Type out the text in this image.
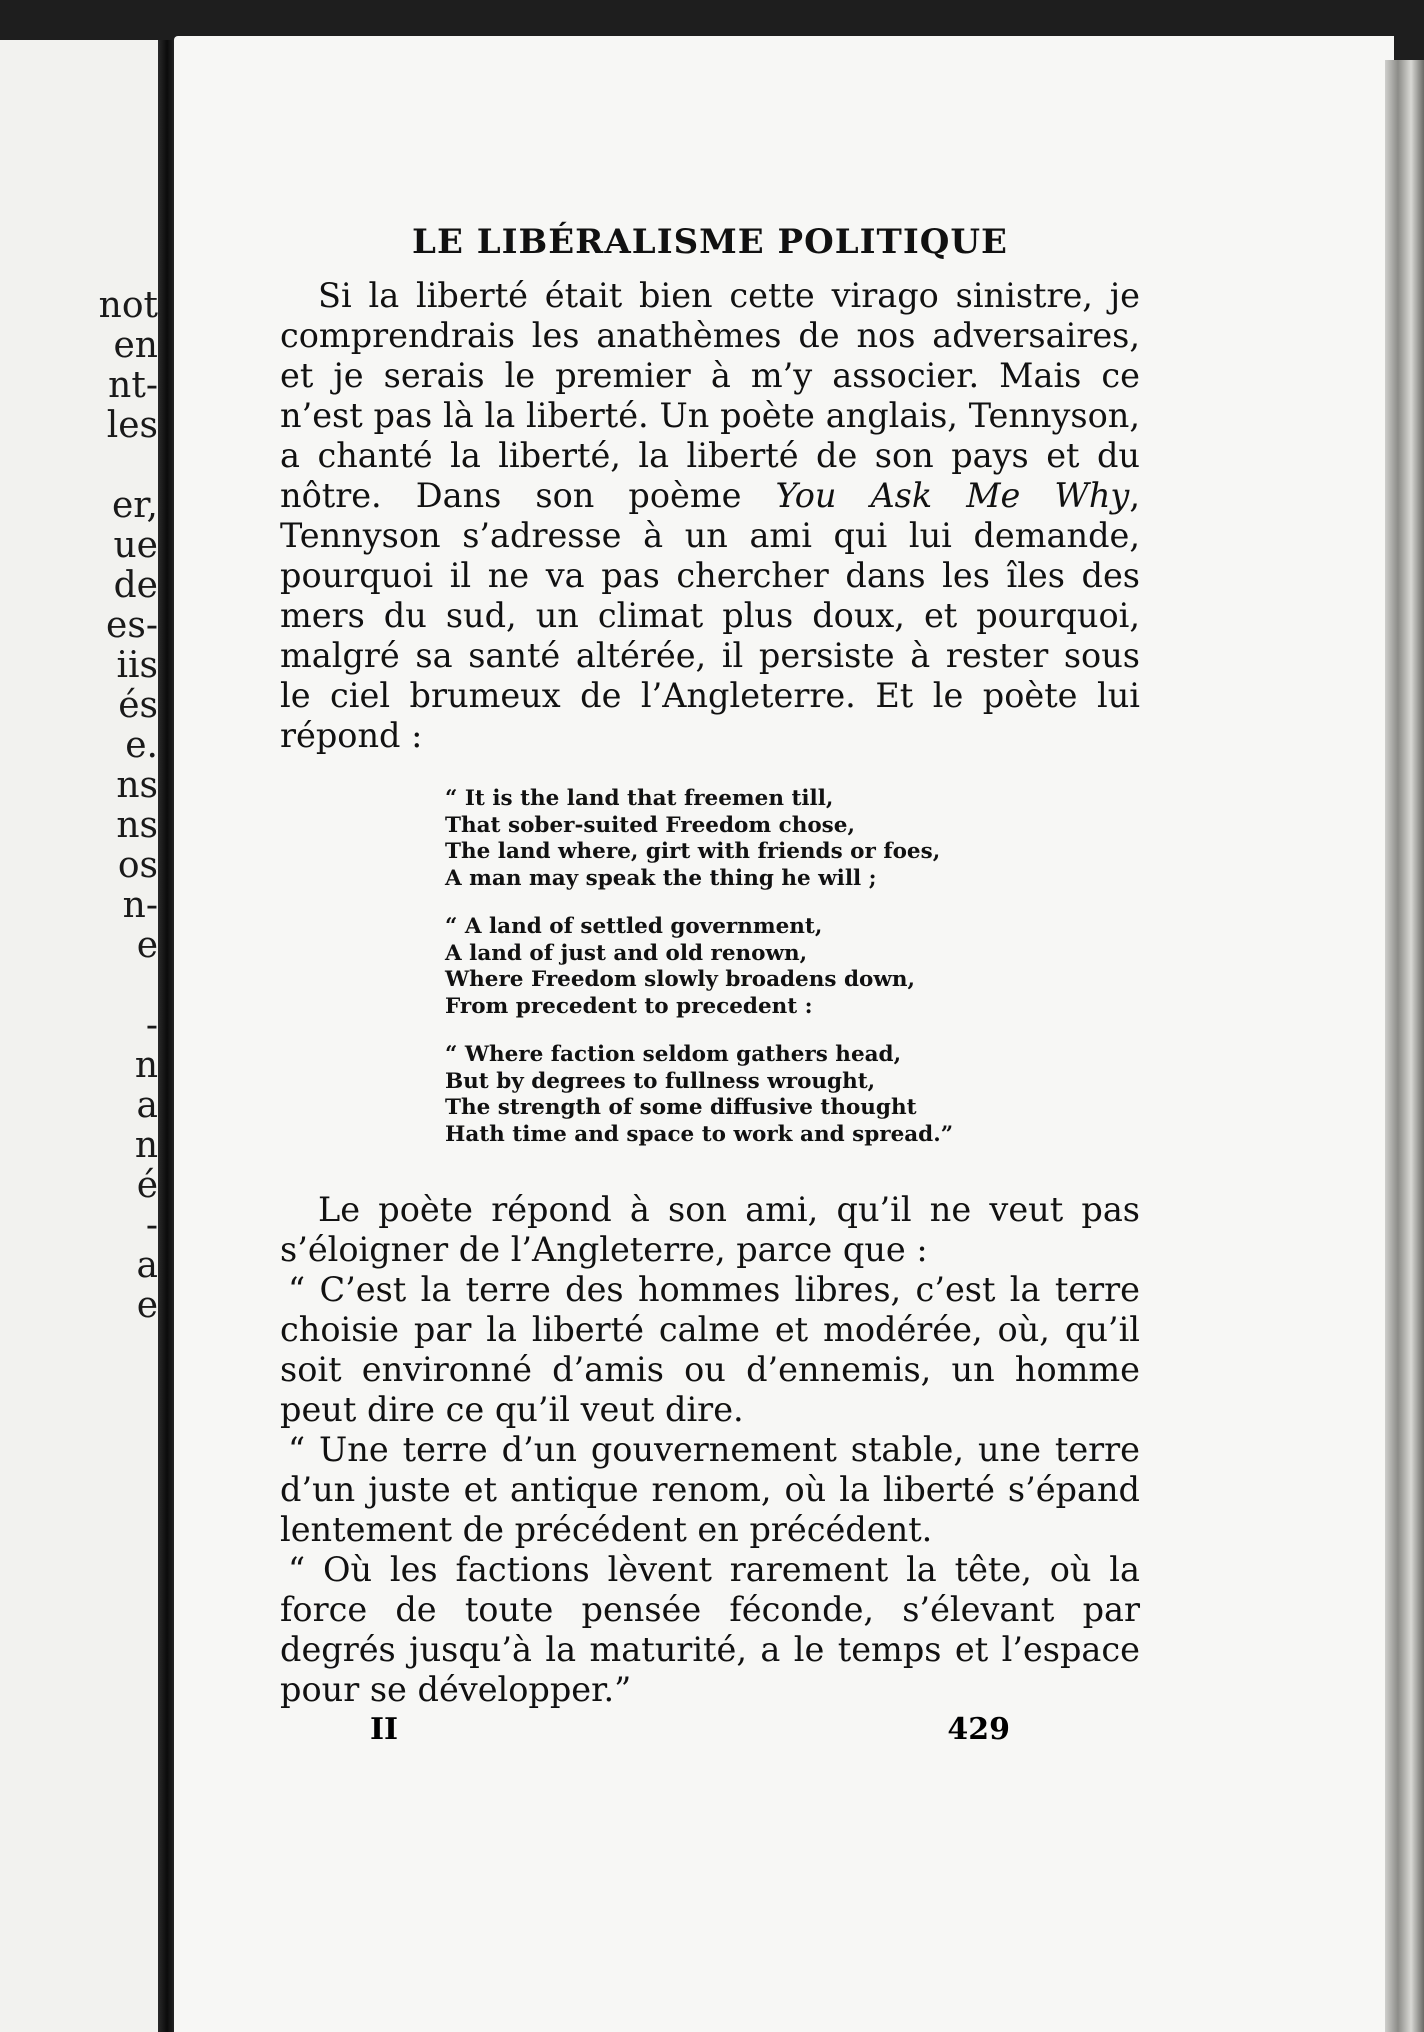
not
en
nt-
les
er,
ue
de
es-
iis
és
e.
ns
ns
os
n-
e
-
n
a
n
é
-
a
e
LE LIBÉRALISME POLITIQUE

Si la liberté était bien cette virago sinistre, je comprendrais les anathèmes de nos adversaires, et je serais le premier à m’y associer. Mais ce n’est pas là la liberté. Un poète anglais, Tennyson, a chanté la liberté, la liberté de son pays et du nôtre. Dans son poème You Ask Me Why, Tennyson s’adresse à un ami qui lui demande, pourquoi il ne va pas chercher dans les îles des mers du sud, un climat plus doux, et pourquoi, malgré sa santé altérée, il persiste à rester sous le ciel brumeux de l’Angleterre. Et le poète lui répond :

“ It is the land that freemen till,
That sober-suited Freedom chose,
The land where, girt with friends or foes,
A man may speak the thing he will ;
“ A land of settled government,
A land of just and old renown,
Where Freedom slowly broadens down,
From precedent to precedent :
“ Where faction seldom gathers head,
But by degrees to fullness wrought,
The strength of some diffusive thought
Hath time and space to work and spread.”

Le poète répond à son ami, qu’il ne veut pas s’éloigner de l’Angleterre, parce que :

“ C’est la terre des hommes libres, c’est la terre choisie par la liberté calme et modérée, où, qu’il soit environné d’amis ou d’ennemis, un homme peut dire ce qu’il veut dire.

“ Une terre d’un gouvernement stable, une terre d’un juste et antique renom, où la liberté s’épand lentement de précédent en précédent.

“ Où les factions lèvent rarement la tête, où la force de toute pensée féconde, s’élevant par degrés jusqu’à la maturité, a le temps et l’espace pour se développer.”

II	429
